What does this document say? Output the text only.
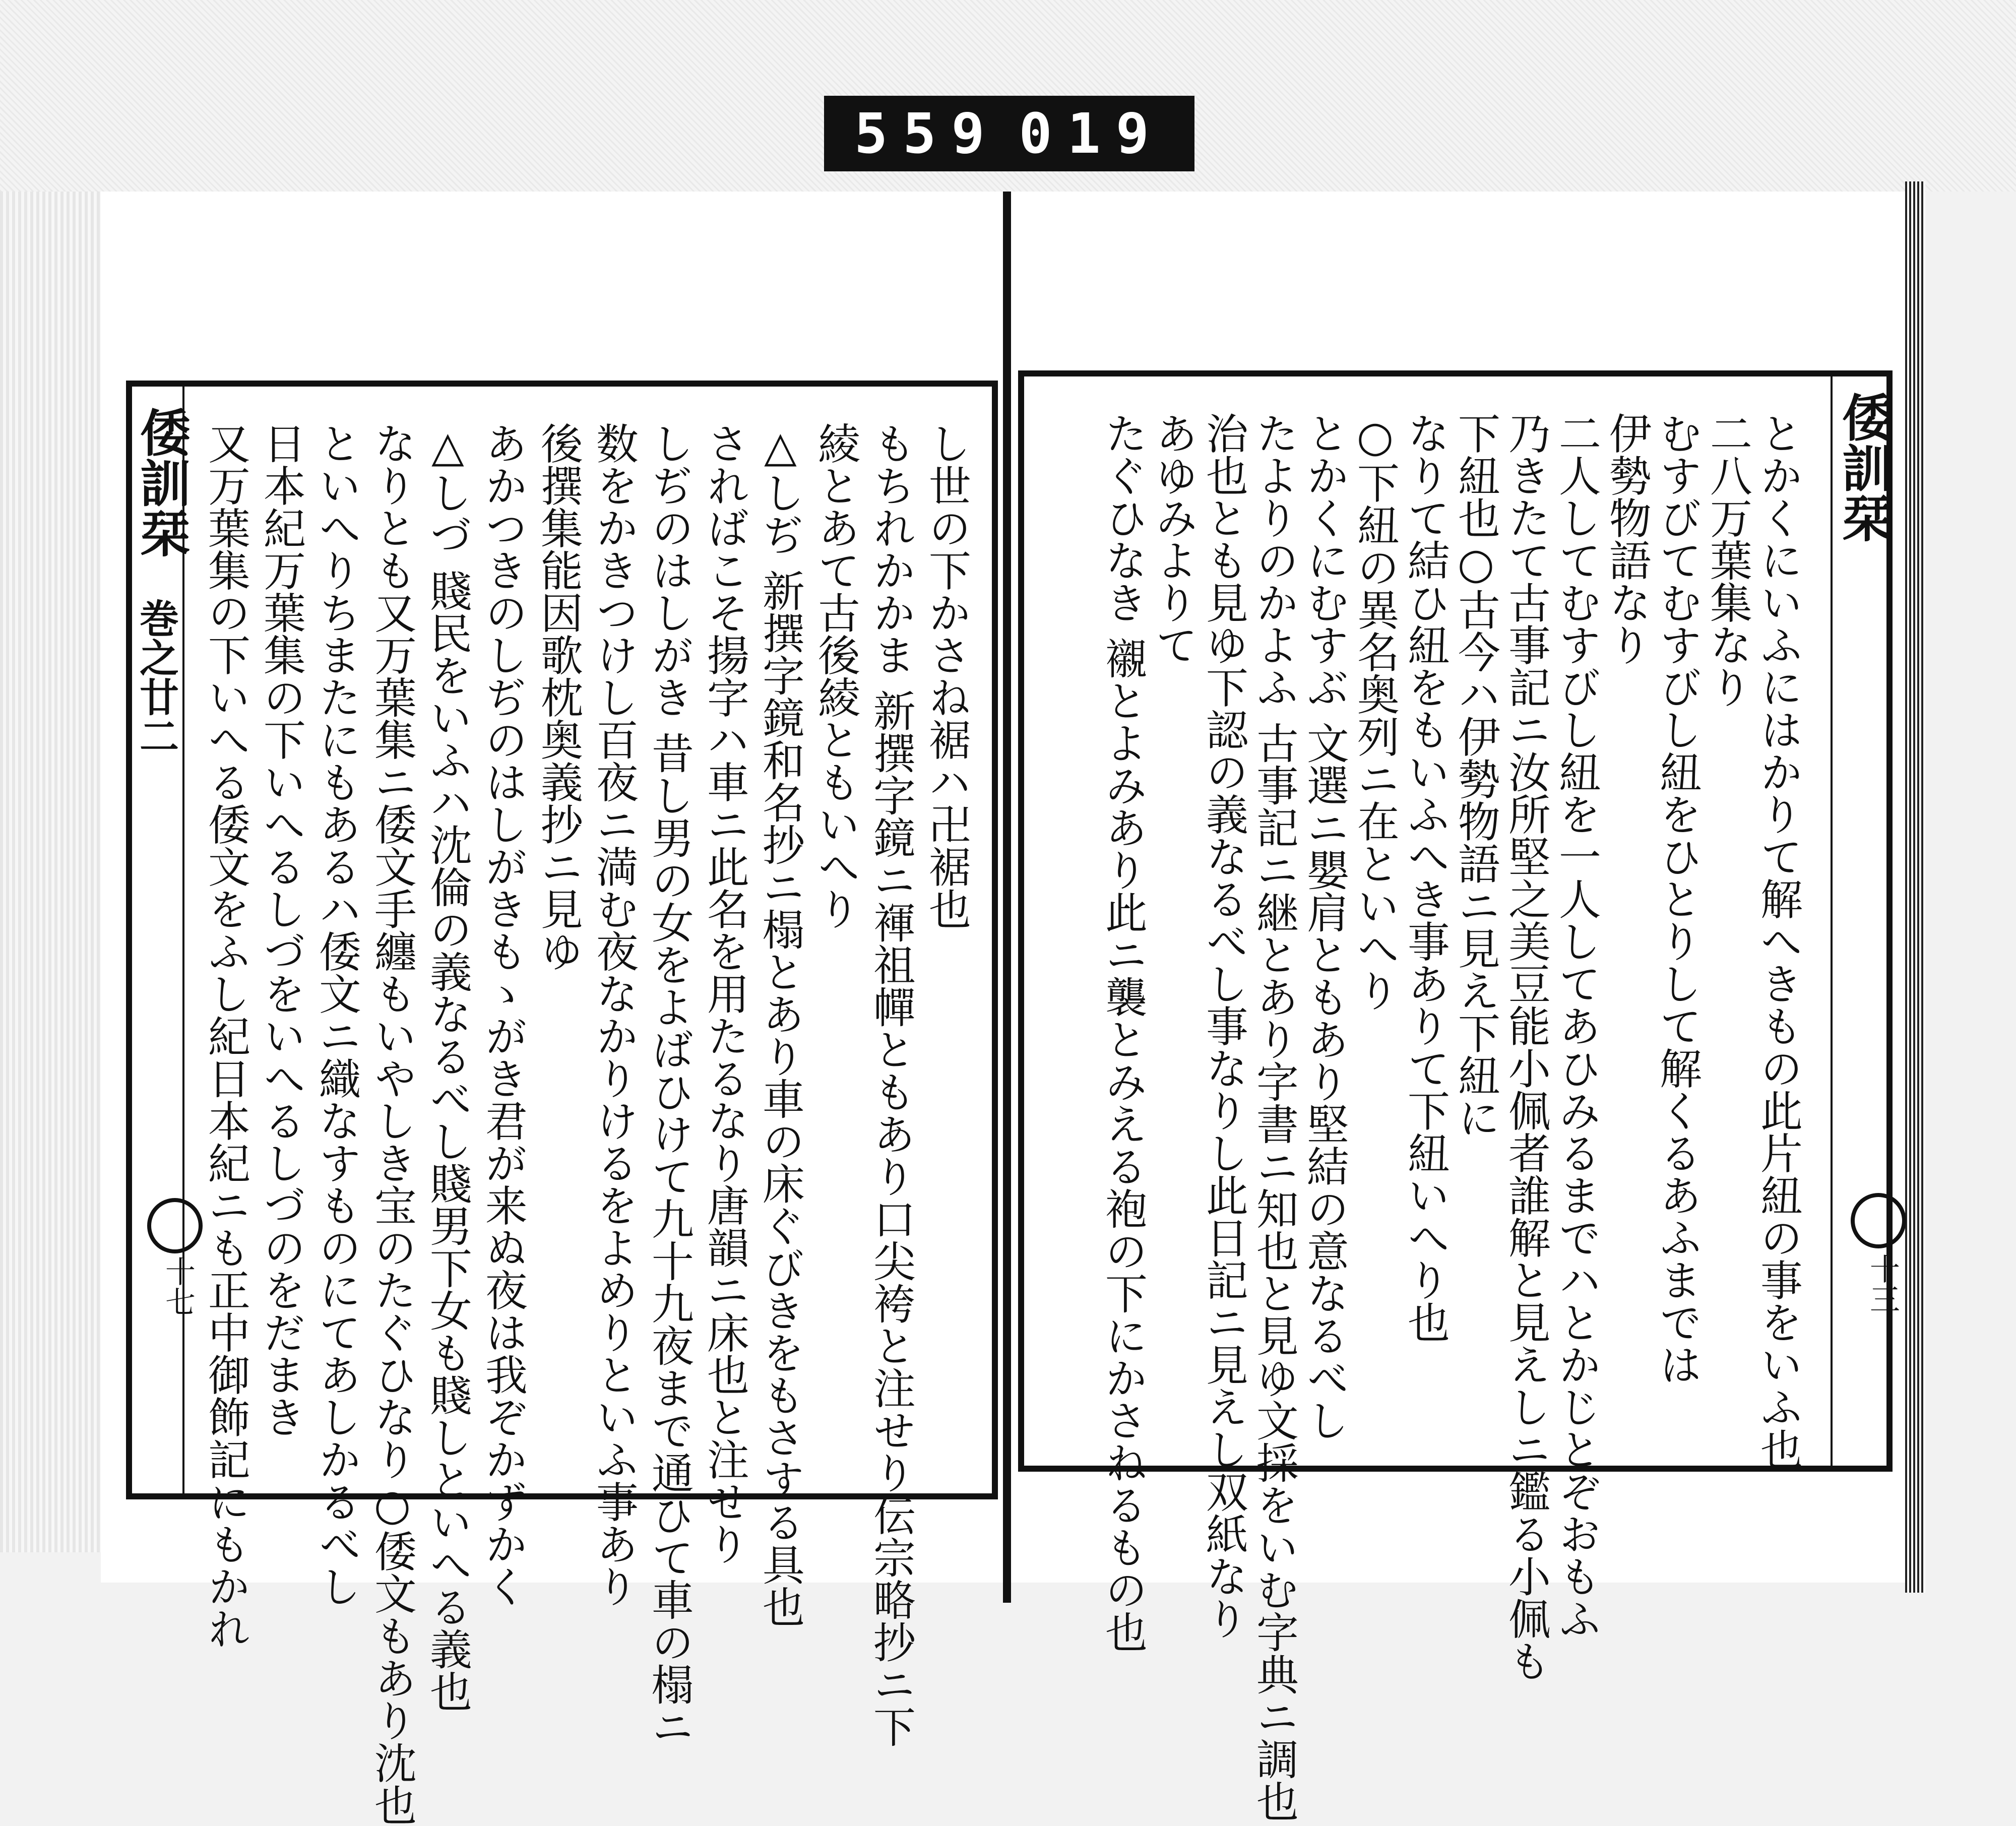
559 019
倭訓栞
巻之廿二
十七
し世の下かさね裾ハ卍裾也
もちれかかま 新撰字鏡ニ褌祖幝ともあり口尖袴と注せり伝宗略抄ニ下
綾とあて古後綾ともいへり
△しぢ 新撰字鏡和名抄ニ榻とあり車の床ぐびきをもさする具也
さればこそ揚字ハ車ニ此名を用たるなり唐韻ニ床也と注せり
しぢのはしがき 昔し男の女をよばひけて九十九夜まで通ひて車の榻ニ
数をかきつけし百夜ニ満む夜なかりけるをよめりといふ事あり
後撰集能因歌枕奥義抄ニ見ゆ
あかつきのしぢのはしがきもゝがき君が来ぬ夜は我ぞかずかく
△しづ 賤民をいふハ沈倫の義なるべし賤男下女も賤しといへる義也
なりとも又万葉集ニ倭文手纏もいやしき宝のたぐひなり○倭文もあり沈也
といへりちまたにもあるハ倭文ニ織なすものにてあしかるべし
日本紀万葉集の下いへるしづをいへるしづのをだまき
又万葉集の下いへる倭文をふし紀日本紀ニも正中御飾記にもかれ	倭訓栞
十三
とかくにいふにはかりて解へきもの此片紐の事をいふ也
二八万葉集なり
むすびてむすびし紐をひとりして解くるあふまでは
伊勢物語なり
二人してむすびし紐を一人してあひみるまでハとかじとぞおもふ
乃きたて古事記ニ汝所堅之美豆能小佩者誰解と見えしニ鑑る小佩も
下紐也○古今ハ伊勢物語ニ見え下紐に
なりて結ひ紐をもいふへき事ありて下紐いへり也
○下紐の異名奥列ニ在といへり
とかくにむすぶ 文選ニ嬰肩ともあり堅結の意なるべし
たよりのかよふ 古事記ニ継とあり字書ニ知也と見ゆ文採をいむ字典ニ調也
治也とも見ゆ下認の義なるべし事なりし此日記ニ見えし双紙なり
あゆみよりて
たぐひなき 襯とよみあり此ニ襲とみえる袍の下にかさねるもの也
